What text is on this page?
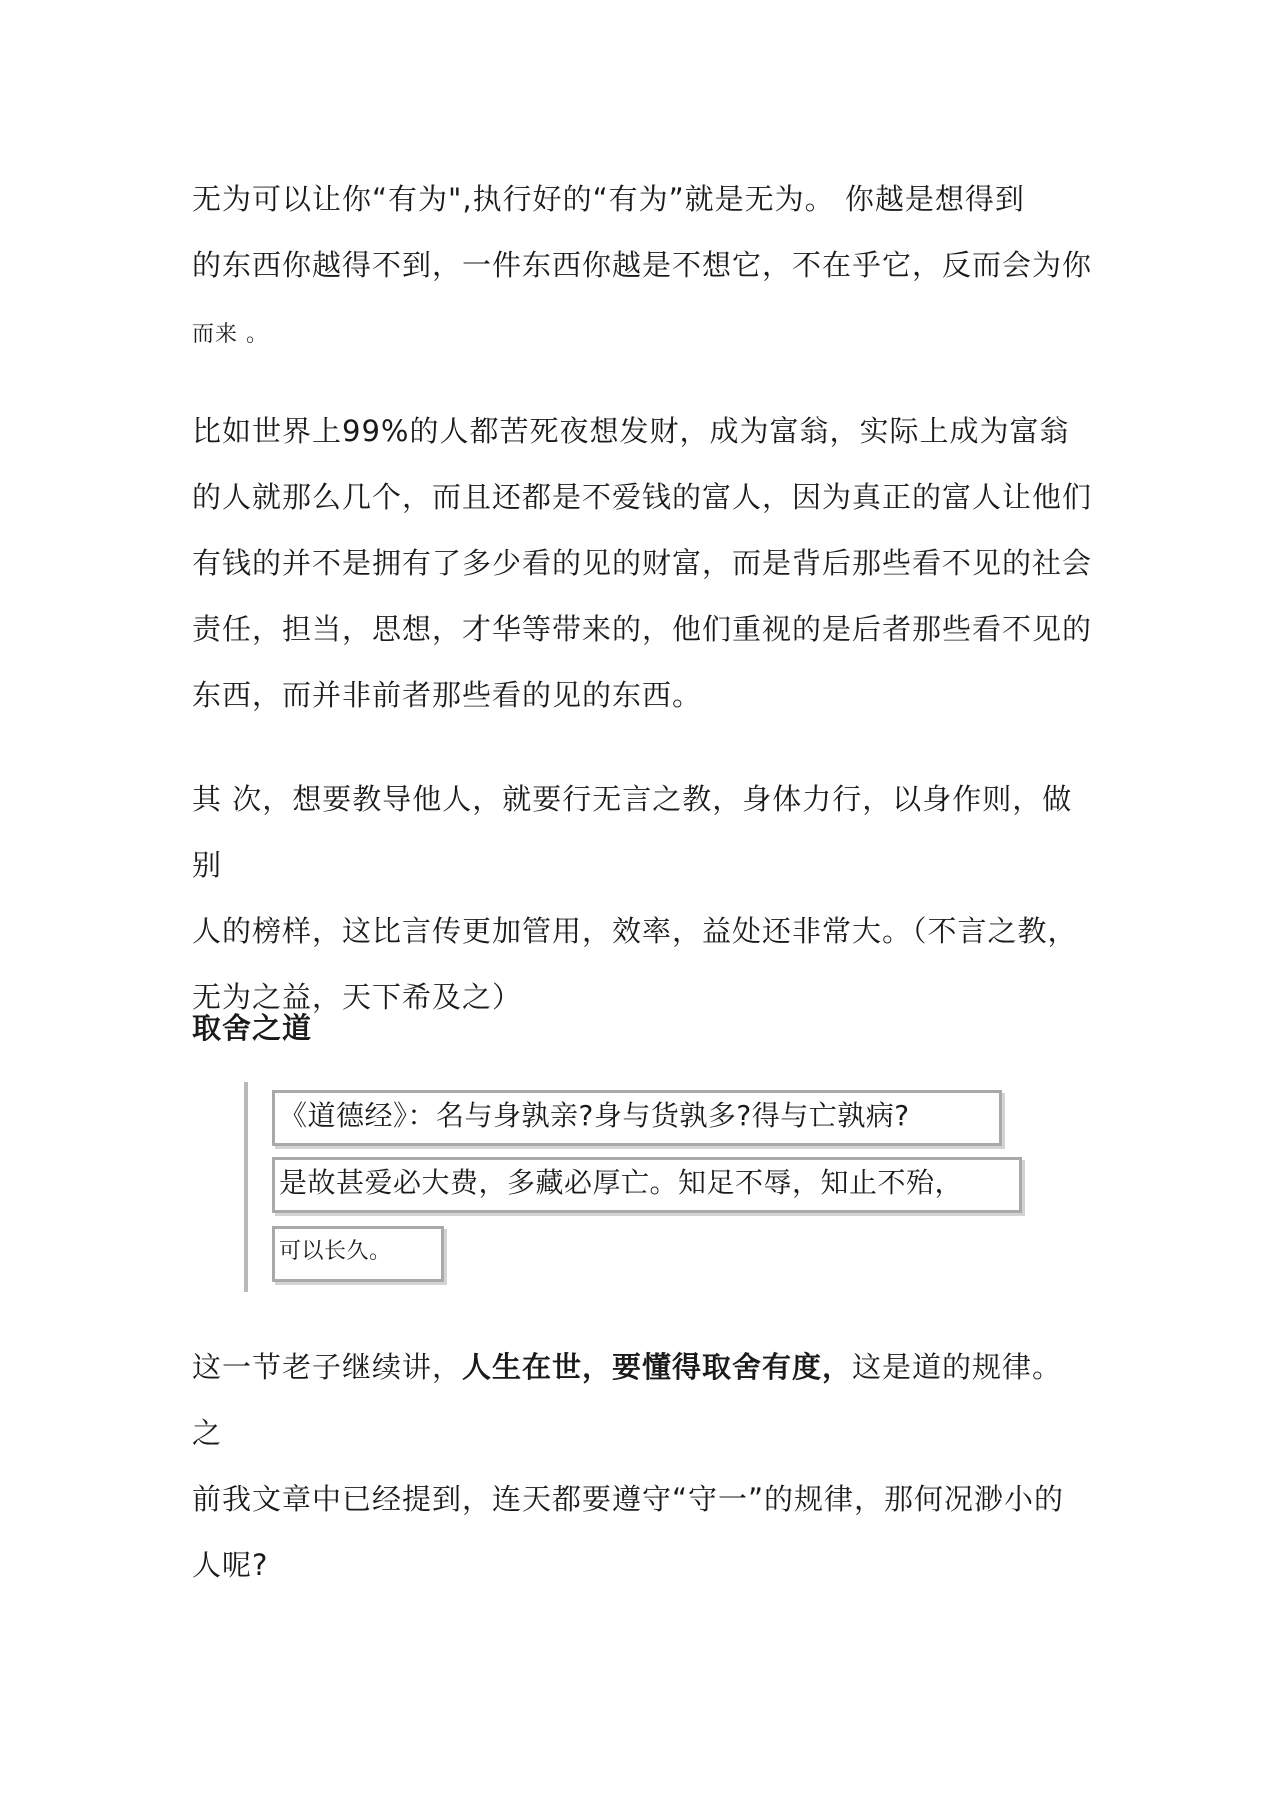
无为可以让你“有为",执行好的“有为”就是无为。 你越是想得到
的东西你越得不到，一件东西你越是不想它，不在乎它，反而会为你
而来 。
比如世界上99%的人都苦死夜想发财，成为富翁，实际上成为富翁
的人就那么几个，而且还都是不爱钱的富人，因为真正的富人让他们
有钱的并不是拥有了多少看的见的财富，而是背后那些看不见的社会
责任，担当，思想，才华等带来的，他们重视的是后者那些看不见的
东西，而并非前者那些看的见的东西。
其 次，想要教导他人，就要行无言之教，身体力行，以身作则，做别
人的榜样，这比言传更加管用，效率，益处还非常大。（不言之教，
无为之益，天下希及之）
取舍之道
《道德经》：名与身孰亲?身与货孰多?得与亡孰病?
是故甚爱必大费，多藏必厚亡。知足不辱，知止不殆，
可以长久。
这一节老子继续讲，人生在世，要懂得取舍有度，这是道的规律。之
前我文章中已经提到，连天都要遵守“守一”的规律，那何况渺小的
人呢?
